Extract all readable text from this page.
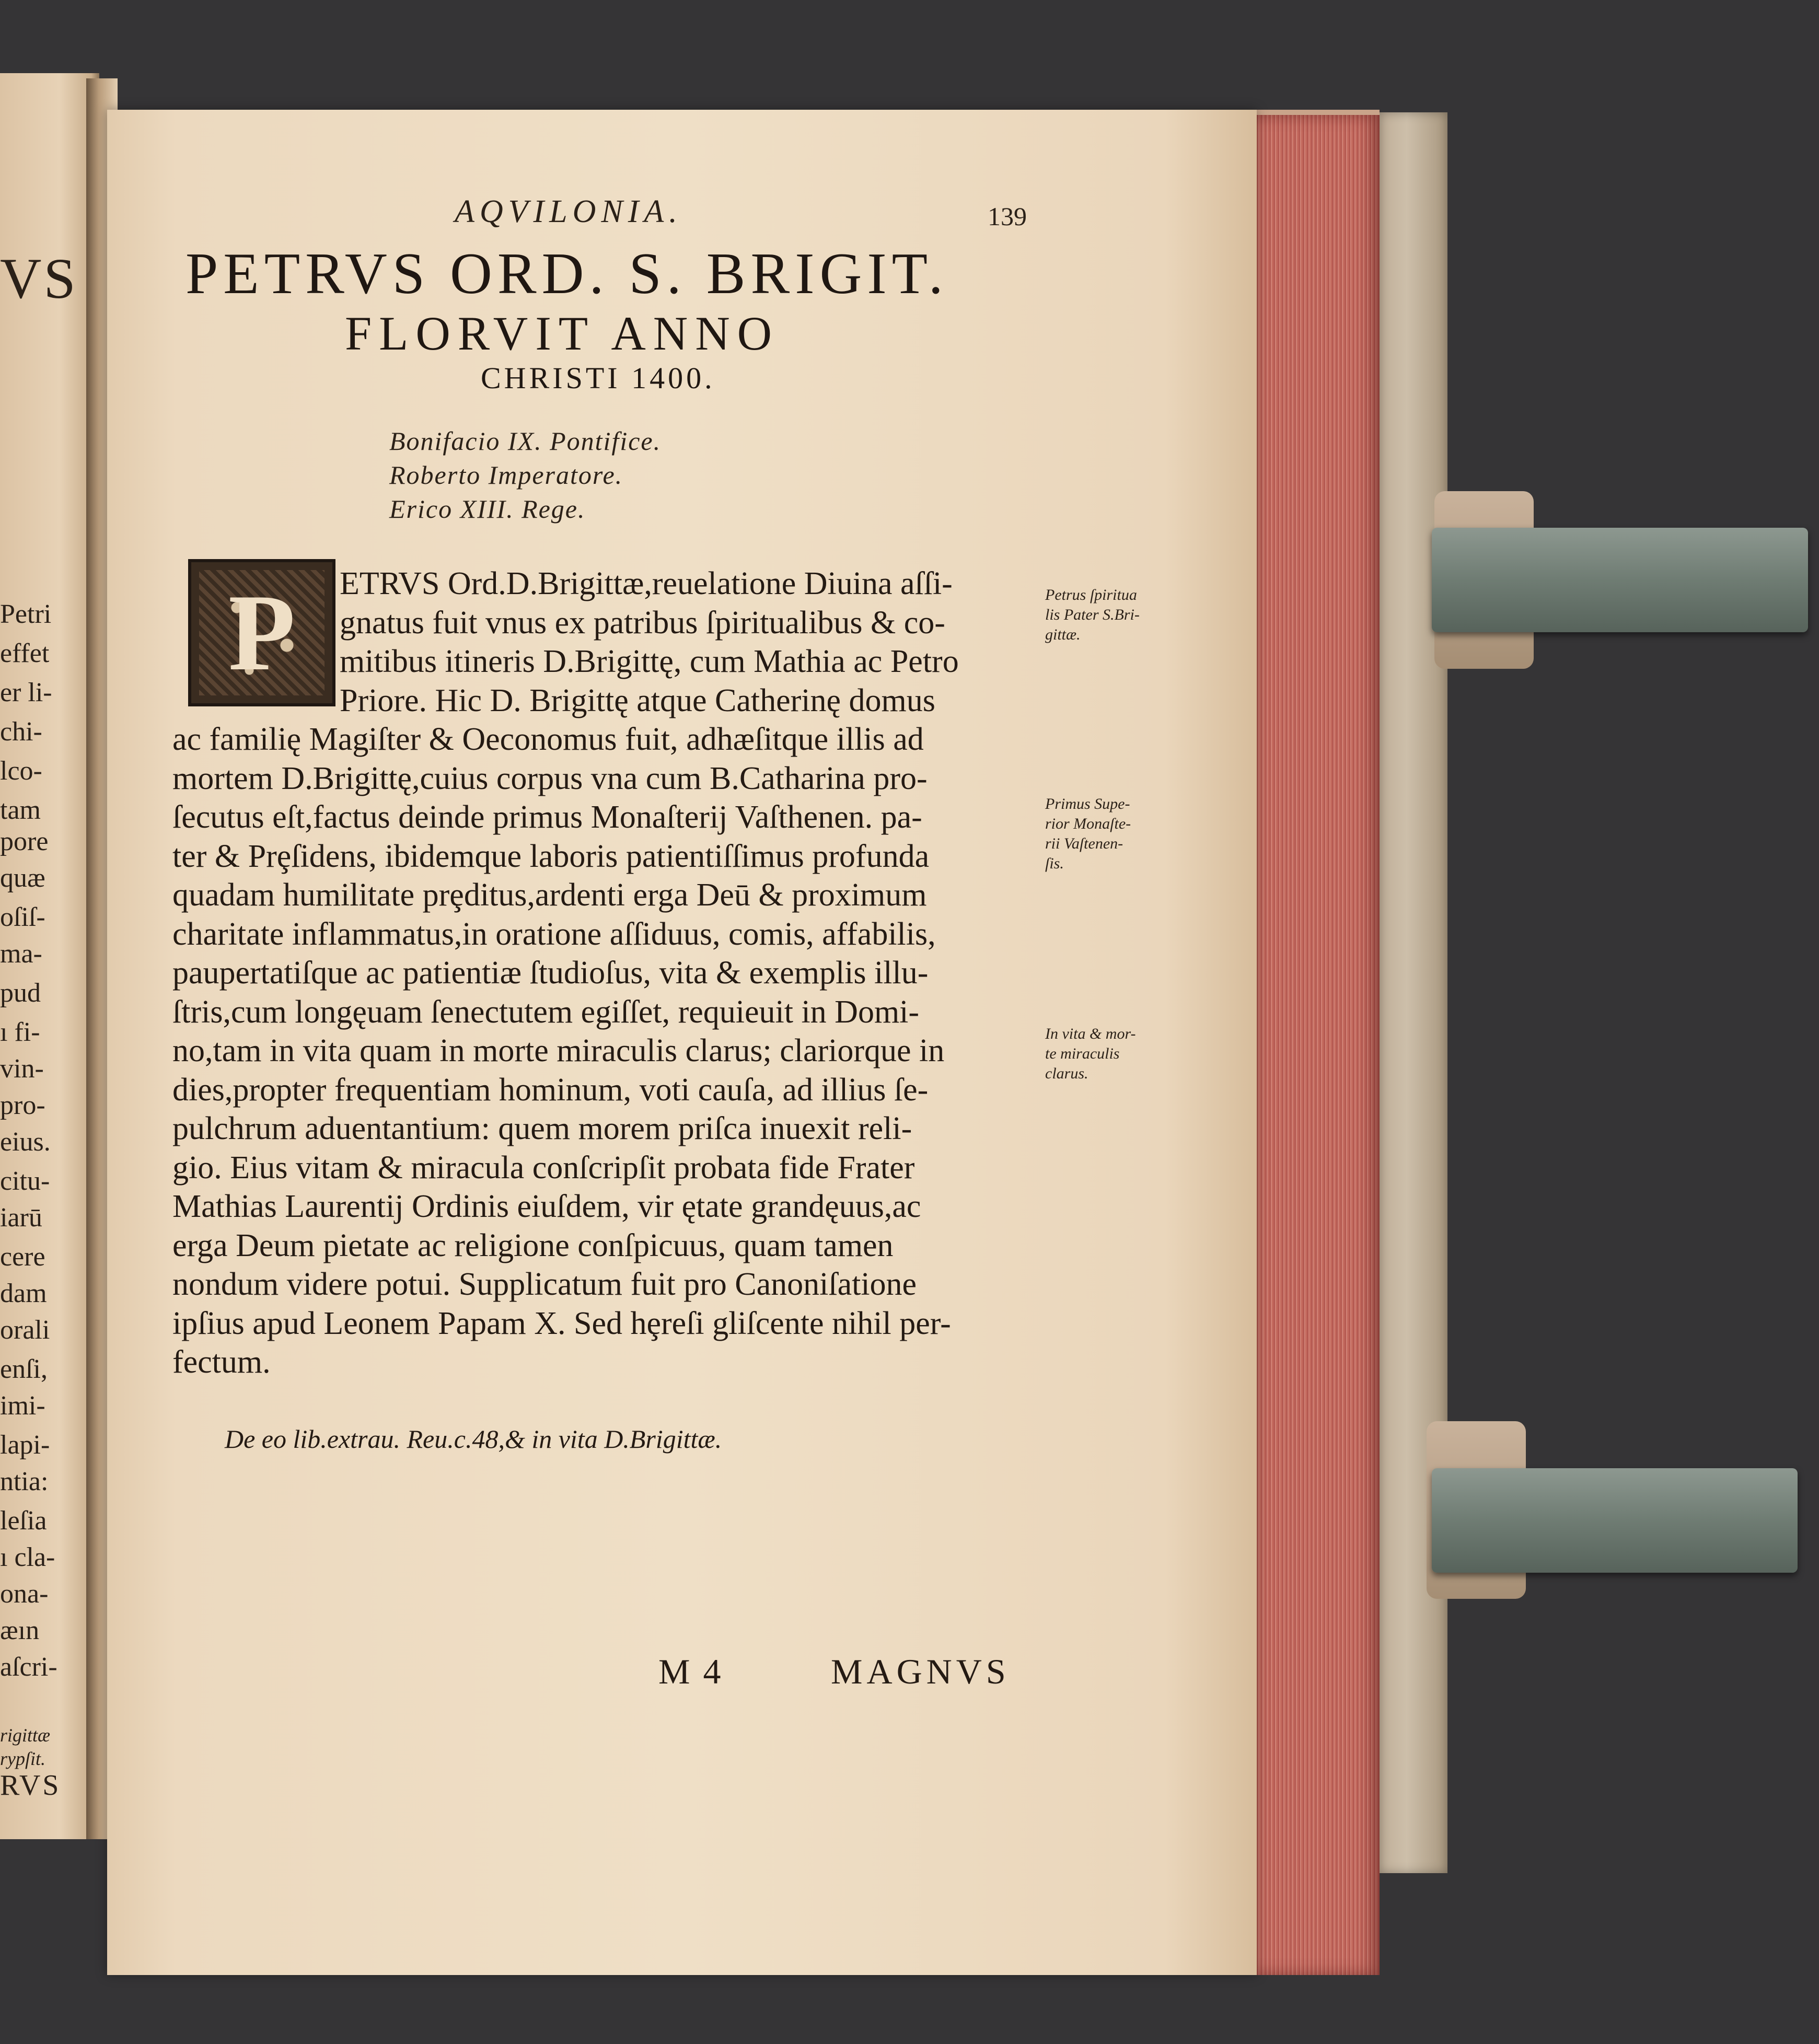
VS
Petri
effet
er li-
chi-
lco-
tam
pore
quæ
oſiſ-
ma-
pud
ı fi-
vin-
pro-
eius.
citu-
iarū
cere
dam
orali
enſi,
imi-
lapi-
ntia:
leſia
ı cla-
ona-
æın
aſcri-
rigittæ
rypſit.
RVS
AQVILONIA.	139
PETRVS ORD. S. BRIGIT.
FLORVIT ANNO
CHRISTI 1400.
Bonifacio IX. Pontifice.
Roberto Imperatore.
Erico XIII. Rege.
P	ETRVS Ord.D.Brigittæ,reuelatione Diuina aſſi-
gnatus fuit vnus ex patribus ſpiritualibus & co-
mitibus itineris D.Brigittę, cum Mathia ac Petro
Priore. Hic D. Brigittę atque Catherinę domus
ac familię Magiſter & Oeconomus fuit, adhæſitque illis ad
mortem D.Brigittę,cuius corpus vna cum B.Catharina pro-
ſecutus eſt,factus deinde primus Monaſterij Vaſthenen. pa-
ter & Prȩſidens, ibidemque laboris patientiſſimus profunda
quadam humilitate prȩditus,ardenti erga Deū & proximum
charitate inflammatus,in oratione aſſiduus, comis, affabilis,
paupertatiſque ac patientiæ ſtudioſus, vita & exemplis illu-
ſtris,cum longęuam ſenectutem egiſſet, requieuit in Domi-
no,tam in vita quam in morte miraculis clarus; clariorque in
dies,propter frequentiam hominum, voti cauſa, ad illius ſe-
pulchrum aduentantium: quem morem priſca inuexit reli-
gio. Eius vitam & miracula conſcripſit probata fide Frater
Mathias Laurentij Ordinis eiuſdem, vir ętate grandęuus,ac
erga Deum pietate ac religione conſpicuus, quam tamen
nondum videre potui. Supplicatum fuit pro Canoniſatione
ipſius apud Leonem Papam X. Sed hȩreſi gliſcente nihil per-
fectum.
Petrus ſpiritua
lis Pater S.Bri-
gittæ.
Primus Supe-
rior Monaſte-
rii Vaſtenen-
ſis.
In vita & mor-
te miraculis
clarus.
De eo lib.extrau. Reu.c.48,& in vita D.Brigittæ.
M 4	MAGNVS
